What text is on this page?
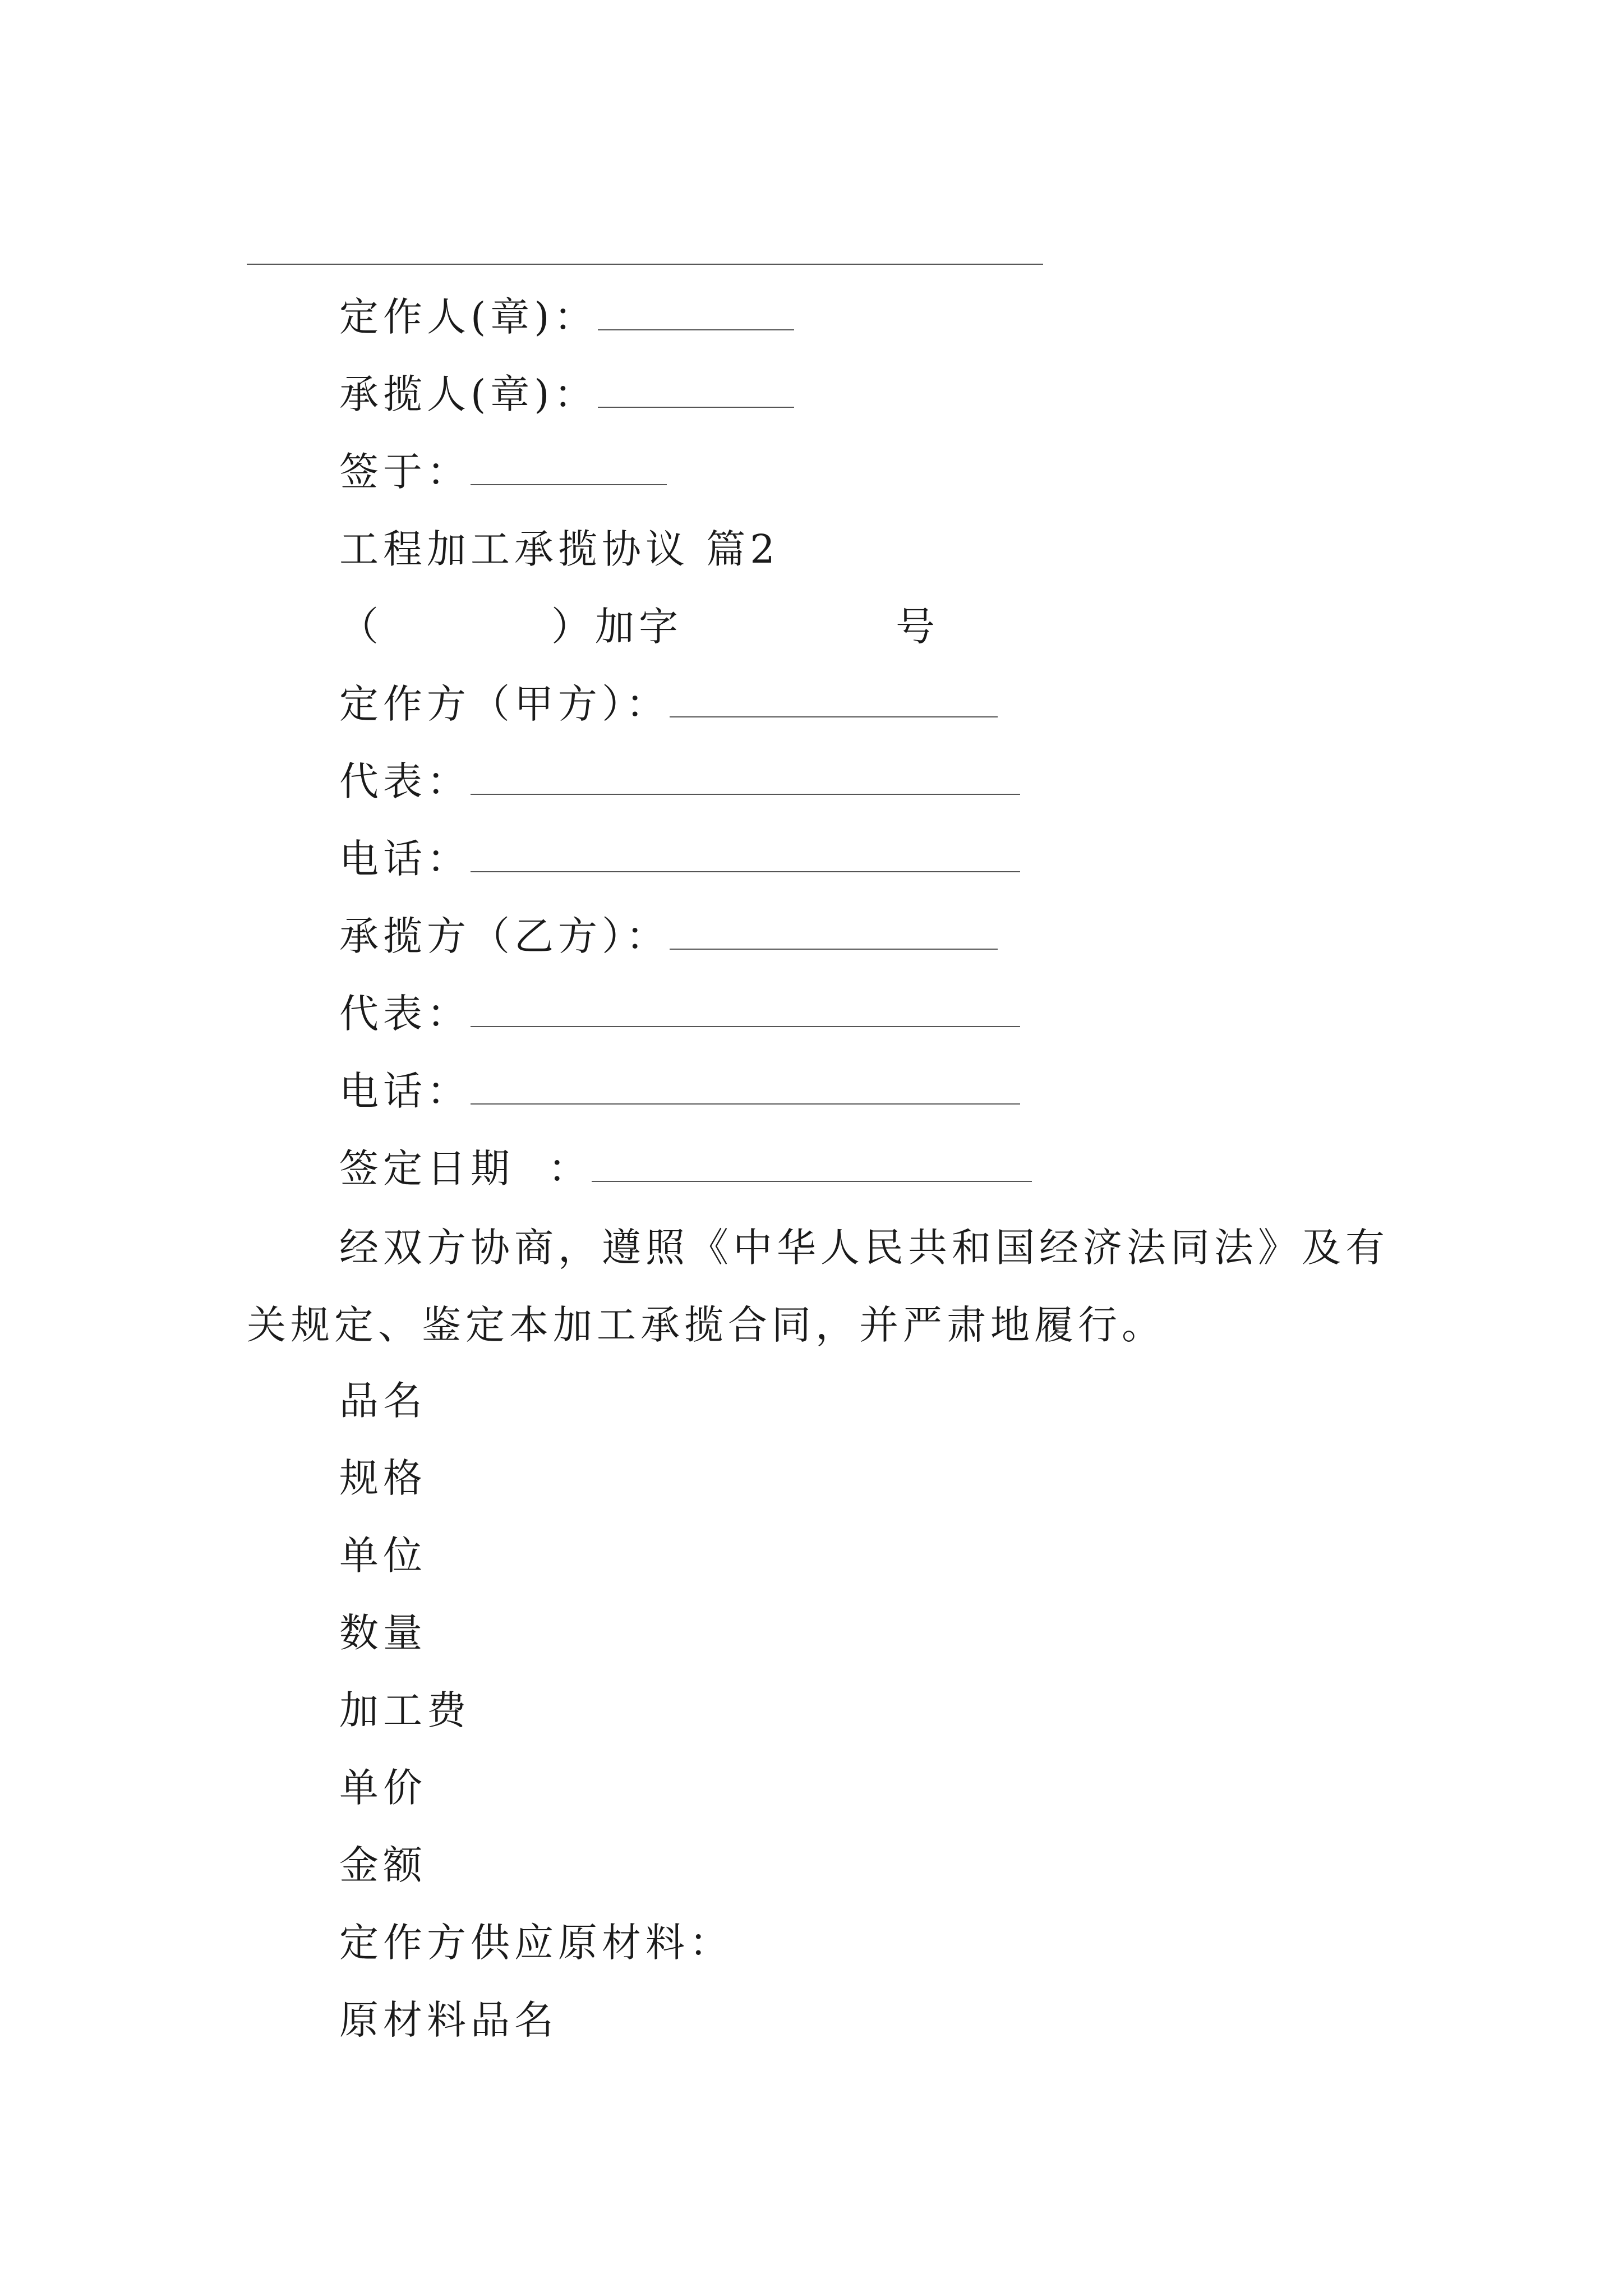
定作人(章)：
承揽人(章)：
签于：
工程加工承揽协议 篇2
（	）加字	号
定作方（甲方）：
代表：
电话：
承揽方（乙方）：
代表：
电话：
签定日期 ：
经双方协商，遵照《中华人民共和国经济法同法》及有关规定、鉴定本加工承揽合同，并严肃地履行。
品名
规格
单位
数量
加工费
单价
金额
定作方供应原材料：
原材料品名
